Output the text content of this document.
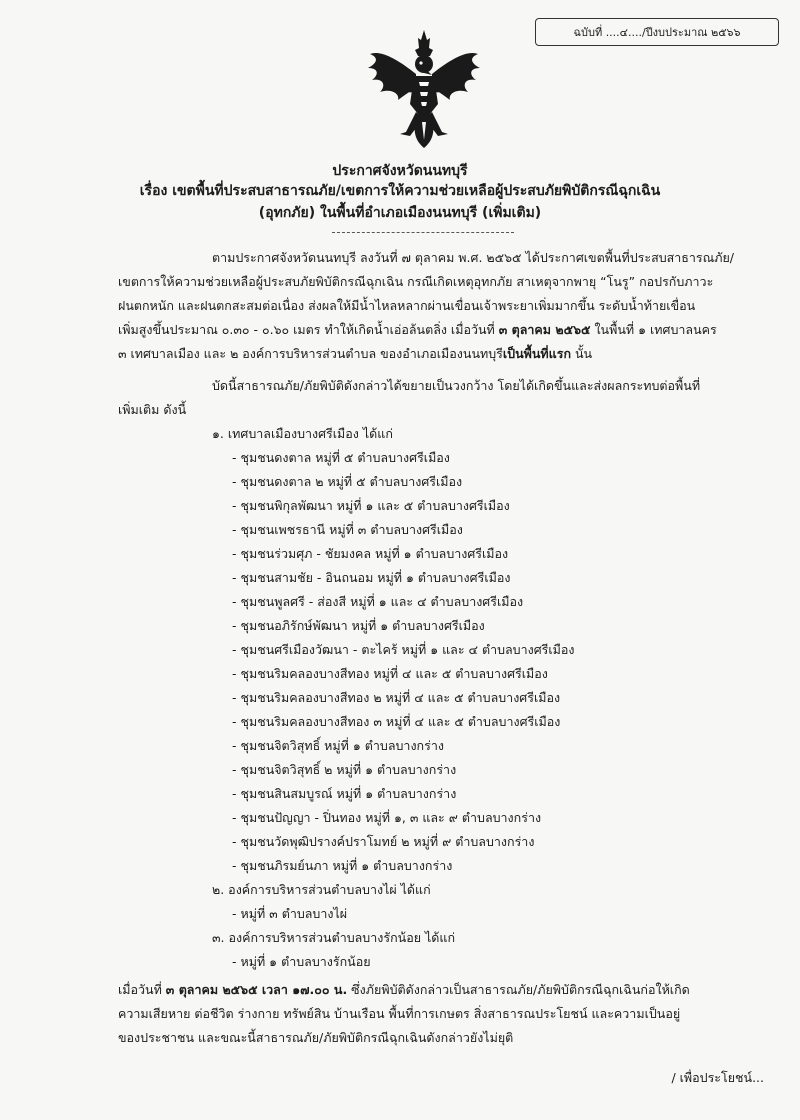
ฉบับที่ ....๔..../ปีงบประมาณ ๒๕๖๖
ประกาศจังหวัดนนทบุรี
เรื่อง เขตพื้นที่ประสบสาธารณภัย/เขตการให้ความช่วยเหลือผู้ประสบภัยพิบัติกรณีฉุกเฉิน
(อุทกภัย) ในพื้นที่อำเภอเมืองนนทบุรี (เพิ่มเติม)
ตามประกาศจังหวัดนนทบุรี ลงวันที่ ๗ ตุลาคม พ.ศ. ๒๕๖๕ ได้ประกาศเขตพื้นที่ประสบสาธารณภัย/
เขตการให้ความช่วยเหลือผู้ประสบภัยพิบัติกรณีฉุกเฉิน กรณีเกิดเหตุอุทกภัย สาเหตุจากพายุ “โนรู” กอปรกับภาวะ
ฝนตกหนัก และฝนตกสะสมต่อเนื่อง ส่งผลให้มีน้ำไหลหลากผ่านเขื่อนเจ้าพระยาเพิ่มมากขึ้น ระดับน้ำท้ายเขื่อน
เพิ่มสูงขึ้นประมาณ ๐.๓๐ - ๐.๖๐ เมตร ทำให้เกิดน้ำเอ่อล้นตลิ่ง เมื่อวันที่ ๓ ตุลาคม ๒๕๖๕ ในพื้นที่ ๑ เทศบาลนคร
๓ เทศบาลเมือง และ ๒ องค์การบริหารส่วนตำบล ของอำเภอเมืองนนทบุรีเป็นพื้นที่แรก นั้น
บัดนี้สาธารณภัย/ภัยพิบัติดังกล่าวได้ขยายเป็นวงกว้าง โดยได้เกิดขึ้นและส่งผลกระทบต่อพื้นที่
เพิ่มเติม ดังนี้
๑. เทศบาลเมืองบางศรีเมือง ได้แก่
- ชุมชนดงตาล หมู่ที่ ๕ ตำบลบางศรีเมือง
- ชุมชนดงตาล ๒ หมู่ที่ ๕ ตำบลบางศรีเมือง
- ชุมชนพิกุลพัฒนา หมู่ที่ ๑ และ ๕ ตำบลบางศรีเมือง
- ชุมชนเพชรธานี หมู่ที่ ๓ ตำบลบางศรีเมือง
- ชุมชนร่วมศุภ - ชัยมงคล หมู่ที่ ๑ ตำบลบางศรีเมือง
- ชุมชนสามชัย - อินถนอม หมู่ที่ ๑ ตำบลบางศรีเมือง
- ชุมชนพูลศรี - ส่องสี หมู่ที่ ๑ และ ๔ ตำบลบางศรีเมือง
- ชุมชนอภิรักษ์พัฒนา หมู่ที่ ๑ ตำบลบางศรีเมือง
- ชุมชนศรีเมืองวัฒนา - ตะไคร้ หมู่ที่ ๑ และ ๔ ตำบลบางศรีเมือง
- ชุมชนริมคลองบางสีทอง หมู่ที่ ๔ และ ๕ ตำบลบางศรีเมือง
- ชุมชนริมคลองบางสีทอง ๒ หมู่ที่ ๔ และ ๕ ตำบลบางศรีเมือง
- ชุมชนริมคลองบางสีทอง ๓ หมู่ที่ ๔ และ ๕ ตำบลบางศรีเมือง
- ชุมชนจิตวิสุทธิ์ หมู่ที่ ๑ ตำบลบางกร่าง
- ชุมชนจิตวิสุทธิ์ ๒ หมู่ที่ ๑ ตำบลบางกร่าง
- ชุมชนสินสมบูรณ์ หมู่ที่ ๑ ตำบลบางกร่าง
- ชุมชนปัญญา - ปิ่นทอง หมู่ที่ ๑, ๓ และ ๙ ตำบลบางกร่าง
- ชุมชนวัดพุฒิปรางค์ปราโมทย์ ๒ หมู่ที่ ๙ ตำบลบางกร่าง
- ชุมชนภิรมย์นภา หมู่ที่ ๑ ตำบลบางกร่าง
๒. องค์การบริหารส่วนตำบลบางไผ่ ได้แก่
- หมู่ที่ ๓ ตำบลบางไผ่
๓. องค์การบริหารส่วนตำบลบางรักน้อย ได้แก่
- หมู่ที่ ๑ ตำบลบางรักน้อย
เมื่อวันที่ ๓ ตุลาคม ๒๕๖๕ เวลา ๑๗.๐๐ น. ซึ่งภัยพิบัติดังกล่าวเป็นสาธารณภัย/ภัยพิบัติกรณีฉุกเฉินก่อให้เกิด
ความเสียหาย ต่อชีวิต ร่างกาย ทรัพย์สิน บ้านเรือน พื้นที่การเกษตร สิ่งสาธารณประโยชน์ และความเป็นอยู่
ของประชาชน และขณะนี้สาธารณภัย/ภัยพิบัติกรณีฉุกเฉินดังกล่าวยังไม่ยุติ
/ เพื่อประโยชน์...
